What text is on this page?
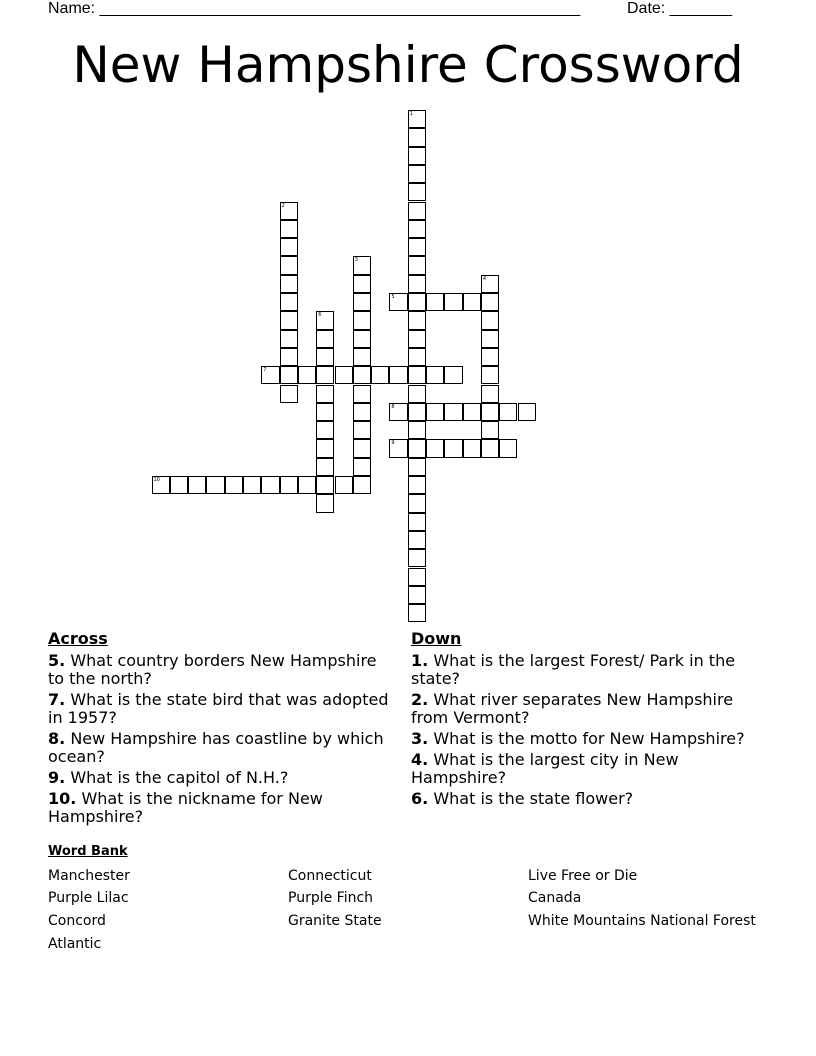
Name: ______________________________________________________	Date: _______
New Hampshire Crossword
1
2
3
4
5
6
7
8
9
10
Across
5. What country borders New Hampshire to the north?
7. What is the state bird that was adopted in 1957?
8. New Hampshire has coastline by which ocean?
9. What is the capitol of N.H.?
10. What is the nickname for New Hampshire?
Down
1. What is the largest Forest/ Park in the state?
2. What river separates New Hampshire from Vermont?
3. What is the motto for New Hampshire?
4. What is the largest city in New Hampshire?
6. What is the state flower?
Word Bank
Manchester
Purple Lilac
Concord
Atlantic
Connecticut
Purple Finch
Granite State
Live Free or Die
Canada
White Mountains National Forest
